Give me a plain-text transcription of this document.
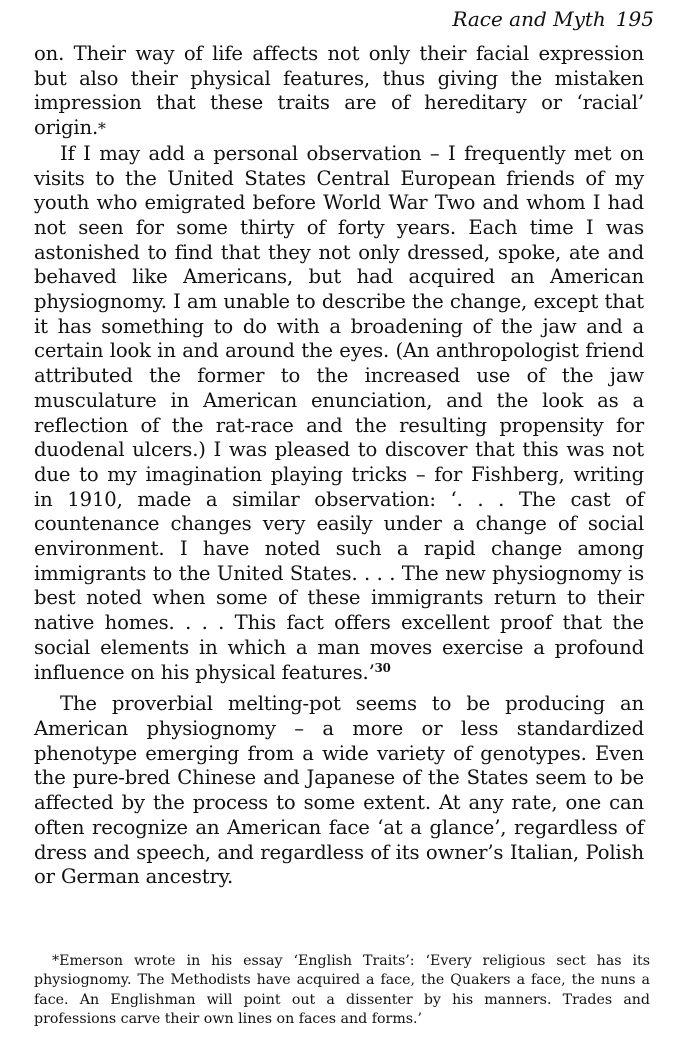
Race and Myth 195

on. Their way of life affects not only their facial expression but also their physical features, thus giving the mistaken impression that these traits are of hereditary or ‘racial’ origin.*

If I may add a personal observation – I frequently met on visits to the United States Central European friends of my youth who emigrated before World War Two and whom I had not seen for some thirty of forty years. Each time I was astonished to find that they not only dressed, spoke, ate and behaved like Americans, but had acquired an American physiognomy. I am unable to describe the change, except that it has something to do with a broadening of the jaw and a certain look in and around the eyes. (An anthropologist friend attributed the former to the increased use of the jaw musculature in American enunciation, and the look as a reflection of the rat-race and the resulting propensity for duodenal ulcers.) I was pleased to discover that this was not due to my imagination playing tricks – for Fishberg, writing in 1910, made a similar observation: ‘. . . The cast of countenance changes very easily under a change of social environment. I have noted such a rapid change among immigrants to the United States. . . . The new physiognomy is best noted when some of these immigrants return to their native homes. . . . This fact offers excellent proof that the social elements in which a man moves exercise a profound influence on his physical features.’$^{30}$

The proverbial melting-pot seems to be producing an American physiognomy – a more or less standardized phenotype emerging from a wide variety of genotypes. Even the pure-bred Chinese and Japanese of the States seem to be affected by the process to some extent. At any rate, one can often recognize an American face ‘at a glance’, regardless of dress and speech, and regardless of its owner’s Italian, Polish or German ancestry.

*Emerson wrote in his essay ‘English Traits’: ‘Every religious sect has its physiognomy. The Methodists have acquired a face, the Quakers a face, the nuns a face. An Englishman will point out a dissenter by his manners. Trades and professions carve their own lines on faces and forms.’
